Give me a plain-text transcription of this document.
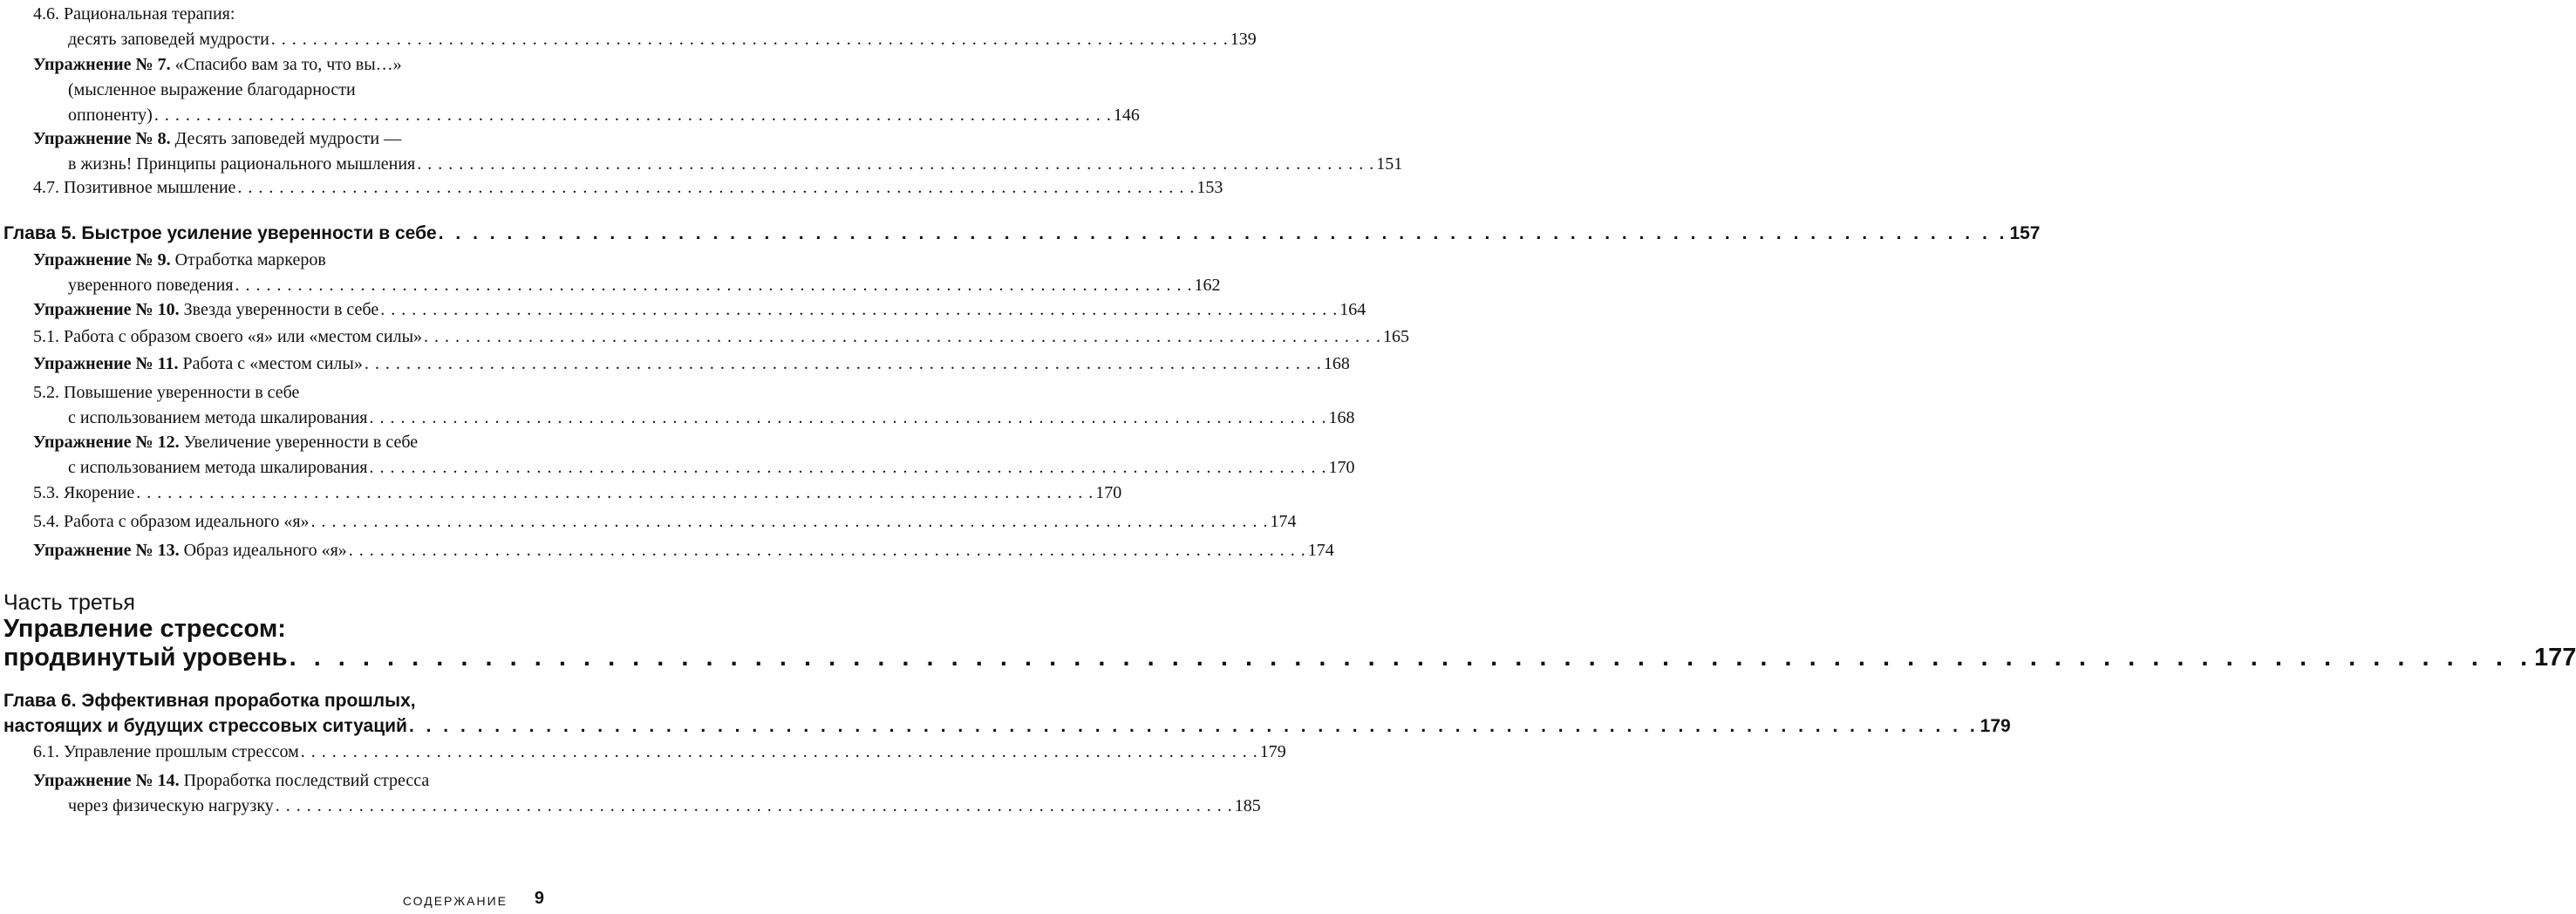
4.6. Рациональная терапия:
десять заповедей мудрости . . .	139
Упражнение № 7. «Спасибо вам за то, что вы…»
(мысленное выражение благодарности
оппоненту) . . .	146
Упражнение № 8. Десять заповедей мудрости —
в жизнь! Принципы рационального мышления . . .	151
4.7. Позитивное мышление . . .	153
Глава 5. Быстрое усиление уверенности в себе . . .	157
Упражнение № 9. Отработка маркеров
уверенного поведения . . .	162
Упражнение № 10. Звезда уверенности в себе . . .	164
5.1. Работа с образом своего «я» или «местом силы» . . .	165
Упражнение № 11. Работа с «местом силы» . . .	168
5.2. Повышение уверенности в себе
с использованием метода шкалирования . . .	168
Упражнение № 12. Увеличение уверенности в себе
с использованием метода шкалирования . . .	170
5.3. Якорение . . .	170
5.4. Работа с образом идеального «я» . . .	174
Упражнение № 13. Образ идеального «я» . . .	174
Часть третья
Управление стрессом:
продвинутый уровень . . .	177
Глава 6. Эффективная проработка прошлых,
настоящих и будущих стрессовых ситуаций . . .	179
6.1. Управление прошлым стрессом . . .	179
Упражнение № 14. Проработка последствий стресса
через физическую нагрузку . . .	185
СОДЕРЖАНИЕ 9
